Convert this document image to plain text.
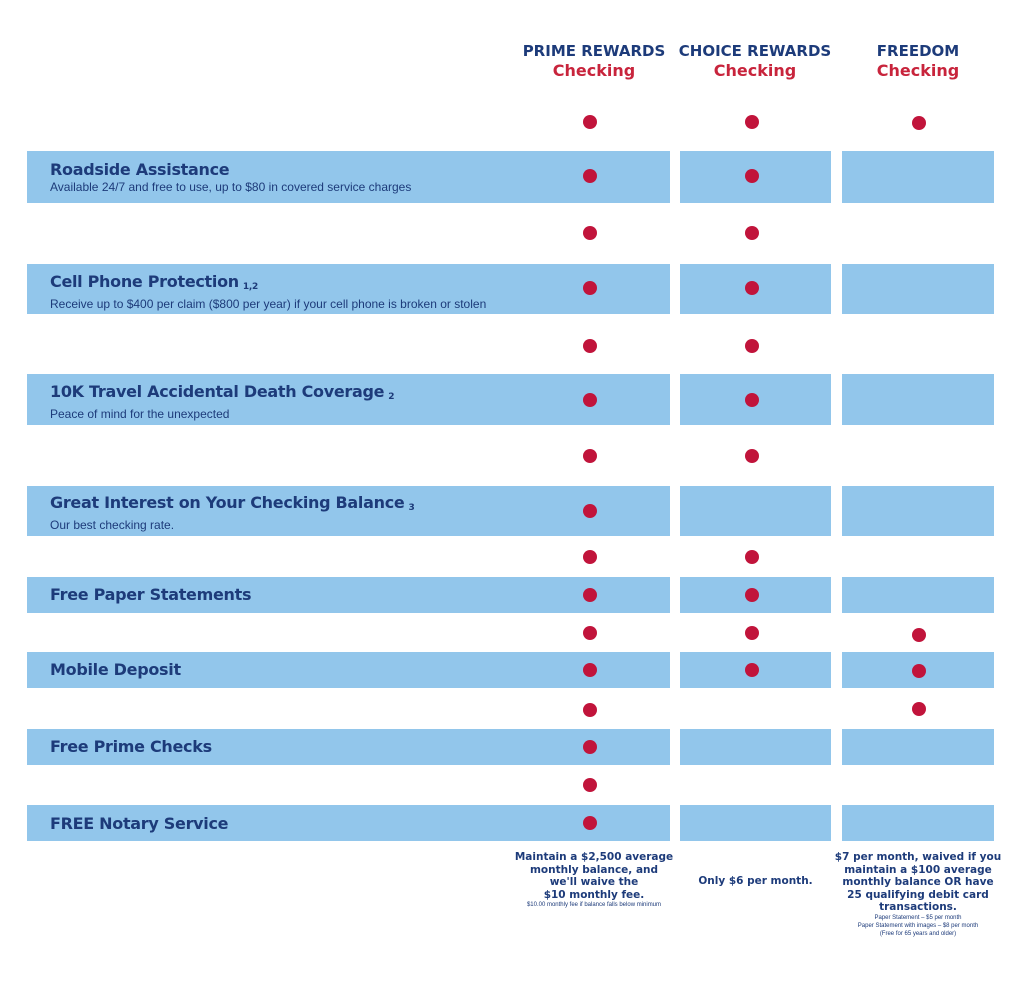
PRIME REWARDS
Checking
CHOICE REWARDS
Checking
FREEDOM
Checking
Roadside Assistance
Available 24/7 and free to use, up to $80 in covered service charges
Cell Phone Protection $^{1,2}$
Receive up to $400 per claim ($800 per year) if your cell phone is broken or stolen
10K Travel Accidental Death Coverage $^2$
Peace of mind for the unexpected
Great Interest on Your Checking Balance $^3$
Our best checking rate.
Free Paper Statements
Mobile Deposit
Free Prime Checks
FREE Notary Service
Maintain a $2,500 average
monthly balance, and
we'll waive the
$10 monthly fee.
$10.00 monthly fee if balance falls below minimum
Only $6 per month.
$7 per month, waived if you
maintain a $100 average
monthly balance OR have
25 qualifying debit card
transactions.
Paper Statement – $5 per month
Paper Statement with images – $8 per month
(Free for 65 years and older)
